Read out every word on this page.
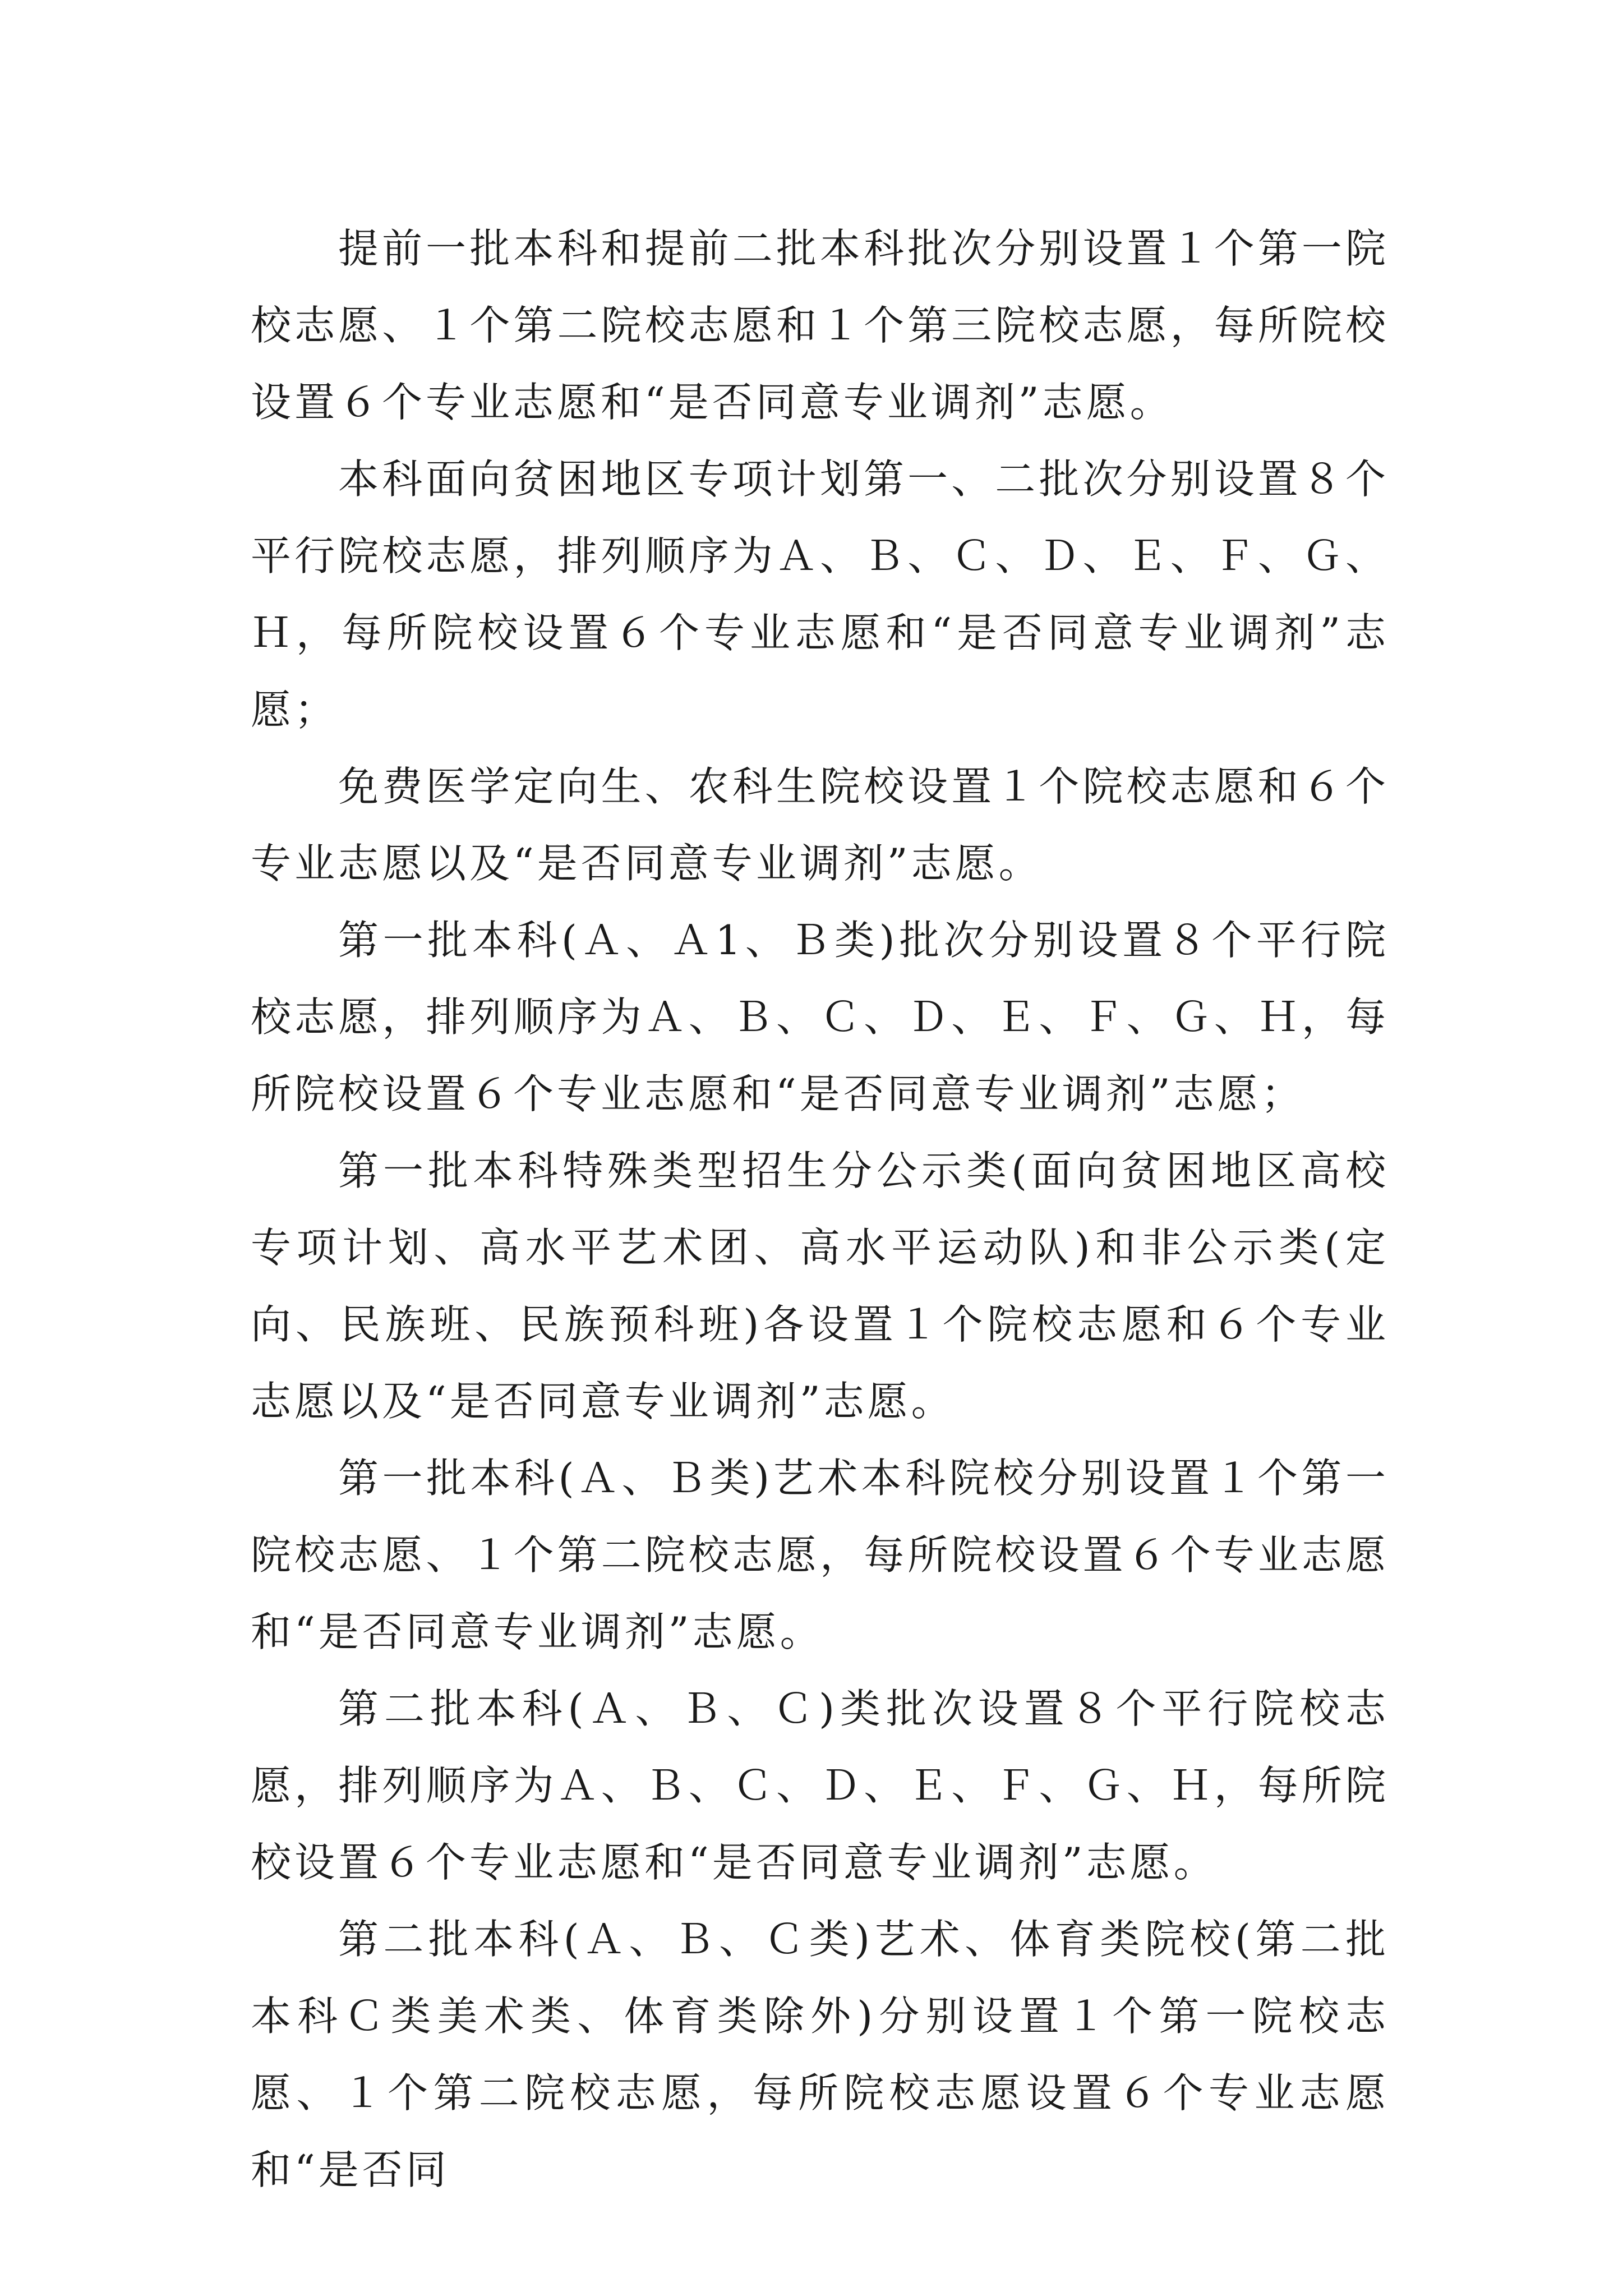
提前一批本科和提前二批本科批次分别设置１个第一院校志愿、１个第二院校志愿和１个第三院校志愿，每所院校设置６个专业志愿和“是否同意专业调剂”志愿。

本科面向贫困地区专项计划第一、二批次分别设置８个平行院校志愿，排列顺序为Ａ、Ｂ、Ｃ、Ｄ、Ｅ、Ｆ、Ｇ、Ｈ，每所院校设置６个专业志愿和“是否同意专业调剂”志愿；

免费医学定向生、农科生院校设置１个院校志愿和６个专业志愿以及“是否同意专业调剂”志愿。

第一批本科(Ａ、Ａ1、Ｂ类)批次分别设置８个平行院校志愿，排列顺序为Ａ、Ｂ、Ｃ、Ｄ、Ｅ、Ｆ、Ｇ、Ｈ，每所院校设置６个专业志愿和“是否同意专业调剂”志愿；

第一批本科特殊类型招生分公示类(面向贫困地区高校专项计划、高水平艺术团、高水平运动队)和非公示类(定向、民族班、民族预科班)各设置１个院校志愿和６个专业志愿以及“是否同意专业调剂”志愿。

第一批本科(Ａ、Ｂ类)艺术本科院校分别设置１个第一院校志愿、１个第二院校志愿，每所院校设置６个专业志愿和“是否同意专业调剂”志愿。

第二批本科(Ａ、Ｂ、Ｃ)类批次设置８个平行院校志愿，排列顺序为Ａ、Ｂ、Ｃ、Ｄ、Ｅ、Ｆ、Ｇ、Ｈ，每所院校设置６个专业志愿和“是否同意专业调剂”志愿。

第二批本科(Ａ、Ｂ、Ｃ类)艺术、体育类院校(第二批本科Ｃ类美术类、体育类除外)分别设置１个第一院校志愿、１个第二院校志愿，每所院校志愿设置６个专业志愿和“是否同
